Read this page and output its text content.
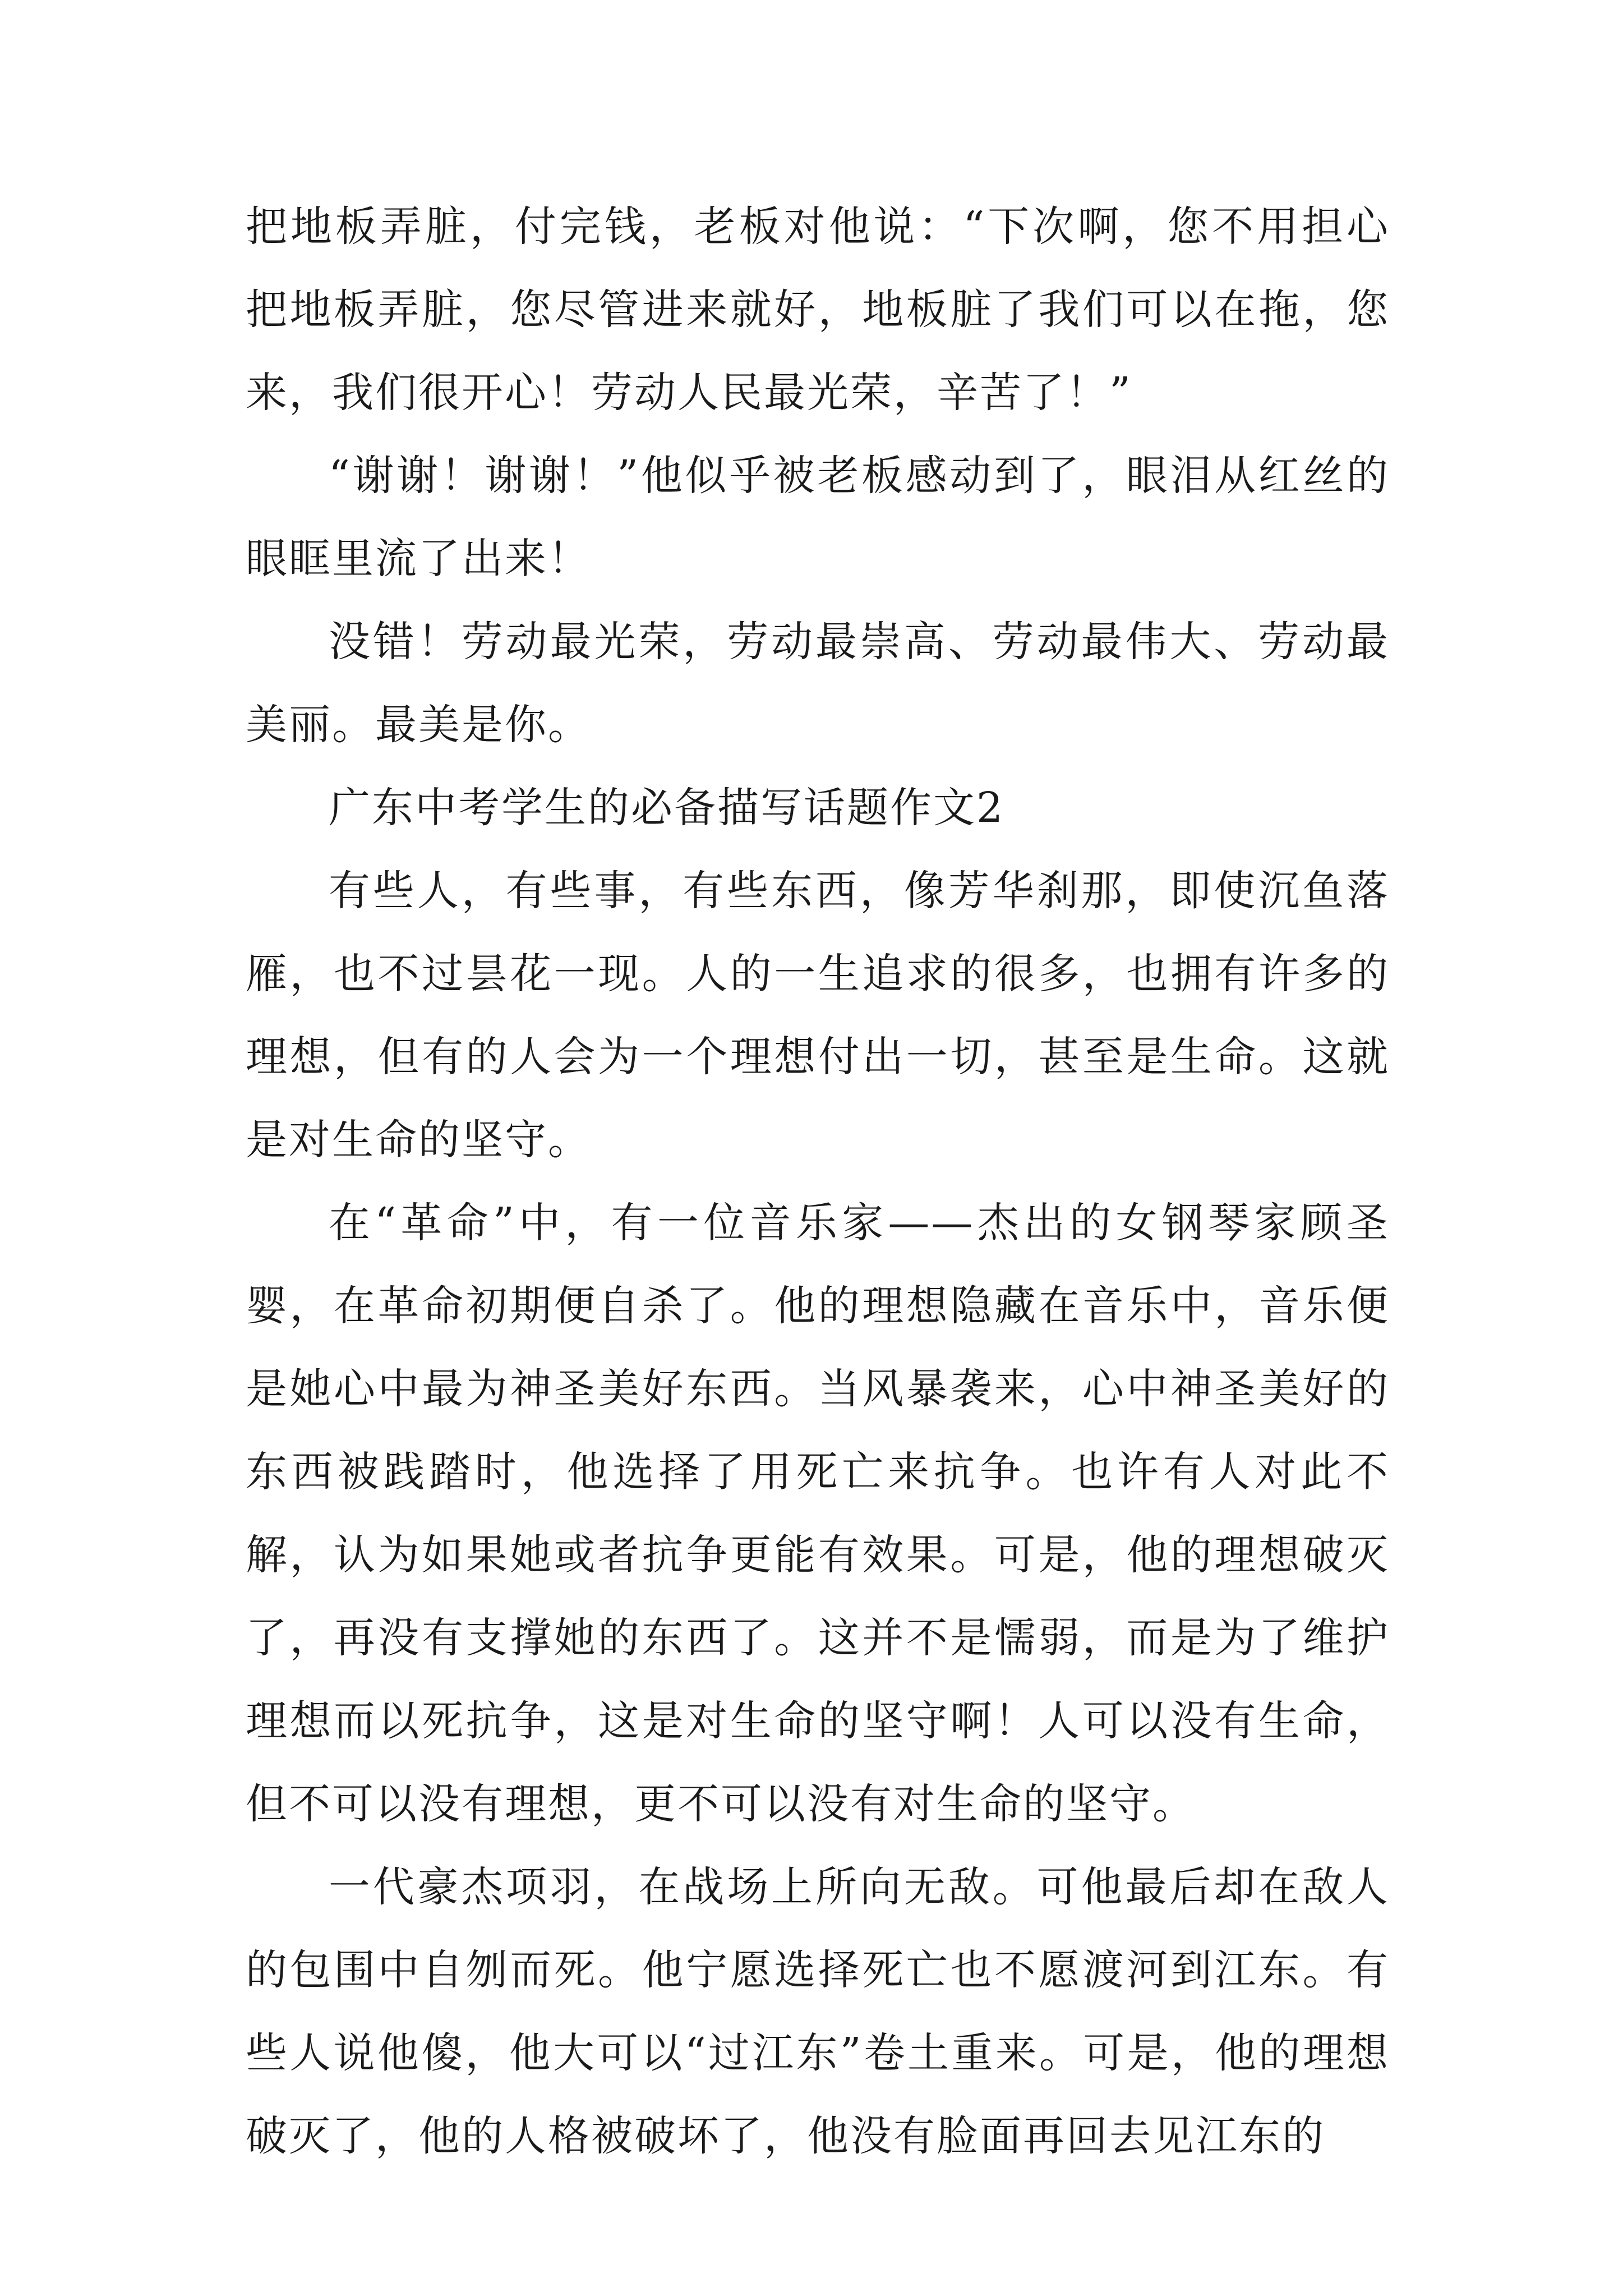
把地板弄脏，付完钱，老板对他说：“下次啊，您不用担心把地板弄脏，您尽管进来就好，地板脏了我们可以在拖，您来，我们很开心！劳动人民最光荣，辛苦了！”

“谢谢！谢谢！”他似乎被老板感动到了，眼泪从红丝的眼眶里流了出来！

没错！劳动最光荣，劳动最崇高、劳动最伟大、劳动最美丽。最美是你。

广东中考学生的必备描写话题作文2

有些人，有些事，有些东西，像芳华刹那，即使沉鱼落雁，也不过昙花一现。人的一生追求的很多，也拥有许多的理想，但有的人会为一个理想付出一切，甚至是生命。这就是对生命的坚守。

在“革命”中，有一位音乐家——杰出的女钢琴家顾圣婴，在革命初期便自杀了。他的理想隐藏在音乐中，音乐便是她心中最为神圣美好东西。当风暴袭来，心中神圣美好的东西被践踏时，他选择了用死亡来抗争。也许有人对此不解，认为如果她或者抗争更能有效果。可是，他的理想破灭了，再没有支撑她的东西了。这并不是懦弱，而是为了维护理想而以死抗争，这是对生命的坚守啊！人可以没有生命，但不可以没有理想，更不可以没有对生命的坚守。

一代豪杰项羽，在战场上所向无敌。可他最后却在敌人的包围中自刎而死。他宁愿选择死亡也不愿渡河到江东。有些人说他傻，他大可以“过江东”卷土重来。可是，他的理想破灭了，他的人格被破坏了，他没有脸面再回去见江东的
